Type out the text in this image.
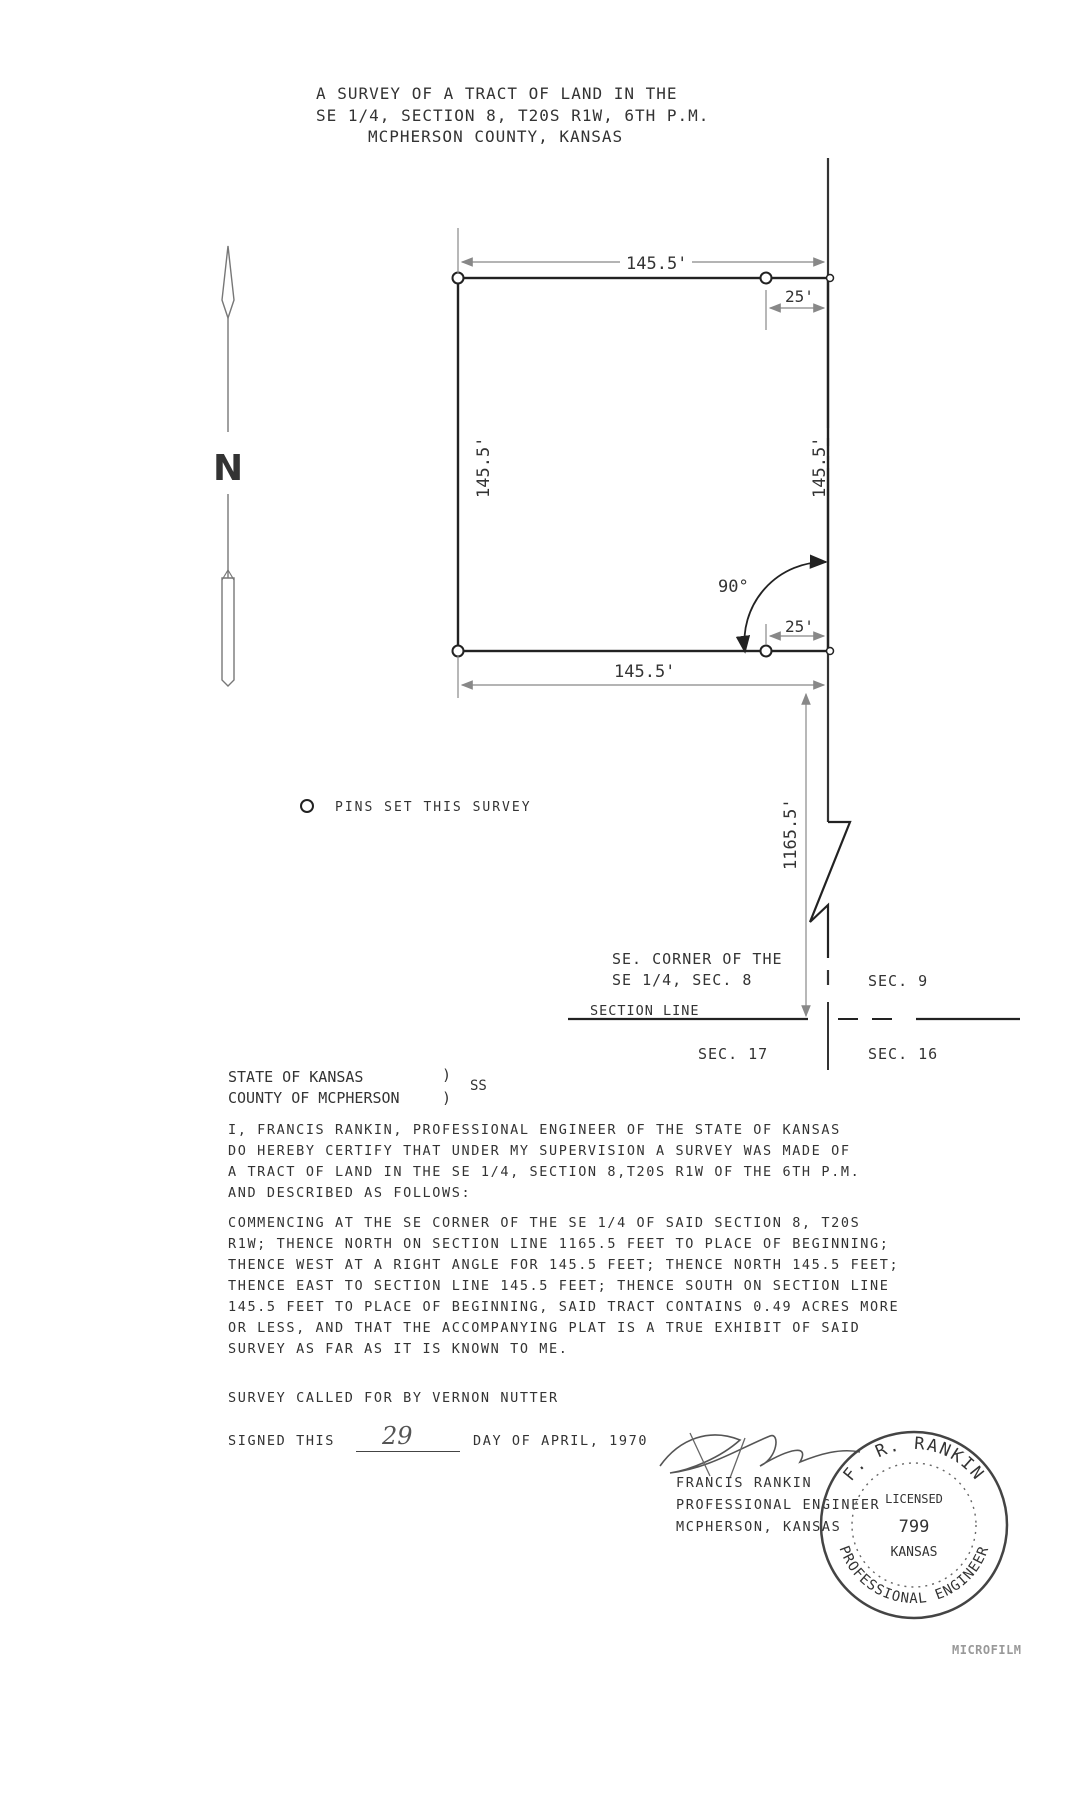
A SURVEY OF A TRACT OF LAND IN THE
SE 1/4, SECTION 8, T20S R1W, 6TH P.M.
MCPHERSON COUNTY, KANSAS
N
145.5'
25'
25'
145.5'	145.5'
90°
145.5'
1165.5'
PINS SET THIS SURVEY
SE. CORNER OF THE
SE 1/4, SEC. 8
SECTION LINE
SEC. 9
SEC. 17	SEC. 16
STATE OF KANSAS	)
COUNTY OF MCPHERSON	)
SS
I, FRANCIS RANKIN, PROFESSIONAL ENGINEER OF THE STATE OF KANSAS
DO HEREBY CERTIFY THAT UNDER MY SUPERVISION A SURVEY WAS MADE OF
A TRACT OF LAND IN THE SE 1/4, SECTION 8,T20S R1W OF THE 6TH P.M.
AND DESCRIBED AS FOLLOWS:
COMMENCING AT THE SE CORNER OF THE SE 1/4 OF SAID SECTION 8, T20S
R1W; THENCE NORTH ON SECTION LINE 1165.5 FEET TO PLACE OF BEGINNING;
THENCE WEST AT A RIGHT ANGLE FOR 145.5 FEET; THENCE NORTH 145.5 FEET;
THENCE EAST TO SECTION LINE 145.5 FEET; THENCE SOUTH ON SECTION LINE
145.5 FEET TO PLACE OF BEGINNING, SAID TRACT CONTAINS 0.49 ACRES MORE
OR LESS, AND THAT THE ACCOMPANYING PLAT IS A TRUE EXHIBIT OF SAID
SURVEY AS FAR AS IT IS KNOWN TO ME.
SURVEY CALLED FOR BY VERNON NUTTER
SIGNED THIS 29	DAY OF APRIL, 1970
FRANCIS RANKIN
PROFESSIONAL ENGINEER
MCPHERSON, KANSAS
F. R. RANKIN
PROFESSIONAL ENGINEER
LICENSED
799
KANSAS
MICROFILM
